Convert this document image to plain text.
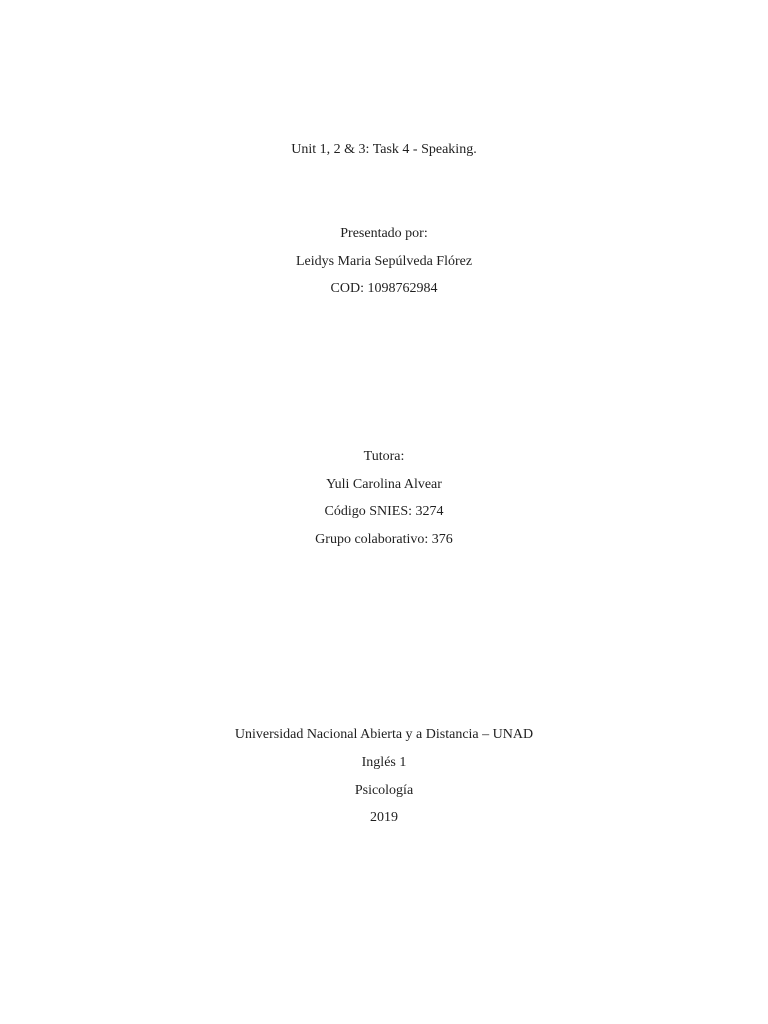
Unit 1, 2 & 3: Task 4 - Speaking.
Presentado por:
Leidys Maria Sepúlveda Flórez
COD: 1098762984
Tutora:
Yuli Carolina Alvear
Código SNIES: 3274
Grupo colaborativo: 376
Universidad Nacional Abierta y a Distancia – UNAD
Inglés 1
Psicología
2019
